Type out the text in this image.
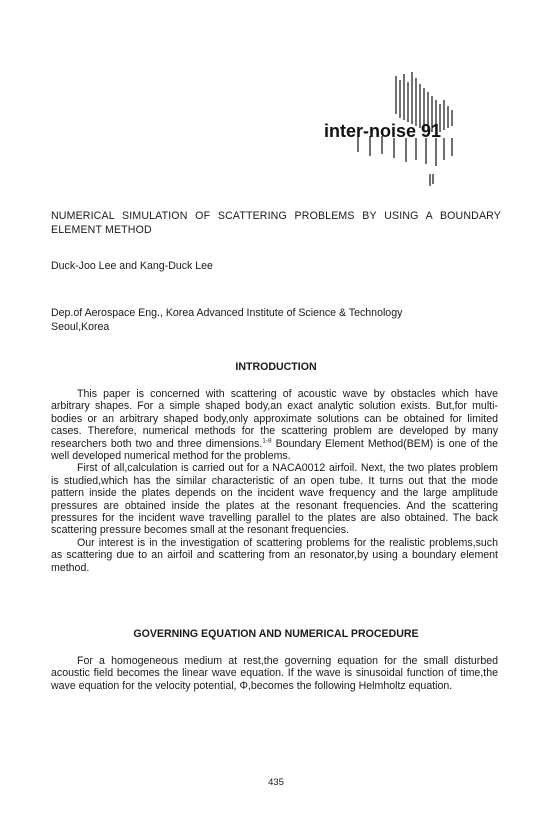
inter-noise 91
NUMERICAL SIMULATION OF SCATTERING PROBLEMS BY USING A BOUNDARY ELEMENT METHOD
Duck-Joo Lee and Kang-Duck Lee
Dep.of Aerospace Eng., Korea Advanced Institute of Science & Technology
Seoul,Korea
INTRODUCTION

This paper is concerned with scattering of acoustic wave by obstacles which have arbitrary shapes. For a simple shaped body,an exact analytic solution exists. But,for multi-bodies or an arbitrary shaped body,only approximate solutions can be obtained for limited cases. Therefore, numerical methods for the scattering problem are developed by many researchers both two and three dimensions.$^{1-8}$ Boundary Element Method(BEM) is one of the well developed numerical method for the problems.

First of all,calculation is carried out for a NACA0012 airfoil. Next, the two plates problem is studied,which has the similar characteristic of an open tube. It turns out that the mode pattern inside the plates depends on the incident wave frequency and the large amplitude pressures are obtained inside the plates at the resonant frequencies. And the scattering pressures for the incident wave travelling parallel to the plates are also obtained. The back scattering pressure becomes small at the resonant frequencies.

Our interest is in the investigation of scattering problems for the realistic problems,such as scattering due to an airfoil and scattering from an resonator,by using a boundary element method.

GOVERNING EQUATION AND NUMERICAL PROCEDURE

For a homogeneous medium at rest,the governing equation for the small disturbed acoustic field becomes the linear wave equation. If the wave is sinusoidal function of time,the wave equation for the velocity potential, Φ,becomes the following Helmholtz equation.

435
